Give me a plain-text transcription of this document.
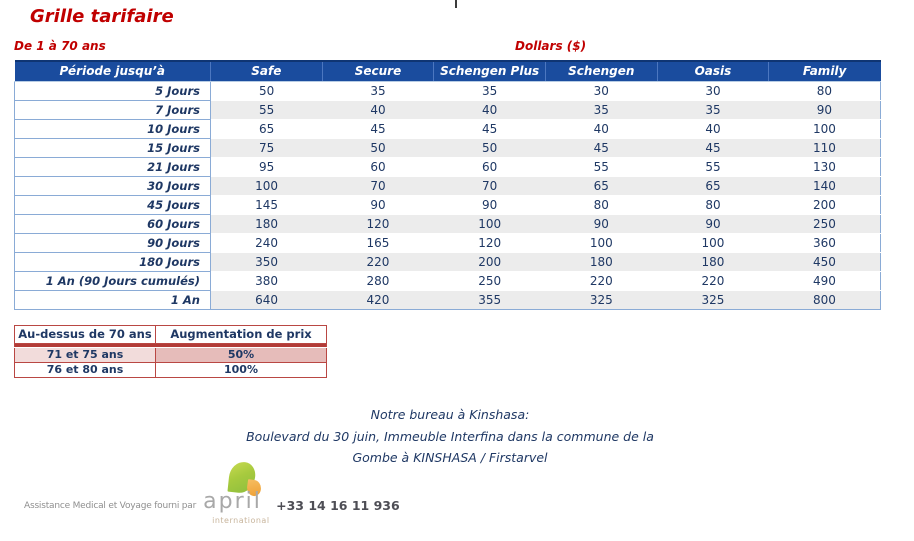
Grille tarifaire
De 1 à 70 ans	Dollars ($)
Période jusqu’à	Safe	Secure	Schengen Plus	Schengen	Oasis	Family
5 Jours	50	35	35	30	30	80
7 Jours	55	40	40	35	35	90
10 Jours	65	45	45	40	40	100
15 Jours	75	50	50	45	45	110
21 Jours	95	60	60	55	55	130
30 Jours	100	70	70	65	65	140
45 Jours	145	90	90	80	80	200
60 Jours	180	120	100	90	90	250
90 Jours	240	165	120	100	100	360
180 Jours	350	220	200	180	180	450
1 An (90 Jours cumulés)	380	280	250	220	220	490
1 An	640	420	355	325	325	800
Au-dessus de 70 ans	Augmentation de prix

71 et 75 ans	50%
76 et 80 ans	100%
Notre bureau à Kinshasa:
Boulevard du 30 juin, Immeuble Interfina dans la commune de la
Gombe à KINSHASA / Firstarvel
Assistance Medical et Voyage fourni par april
international
+33 14 16 11 936
